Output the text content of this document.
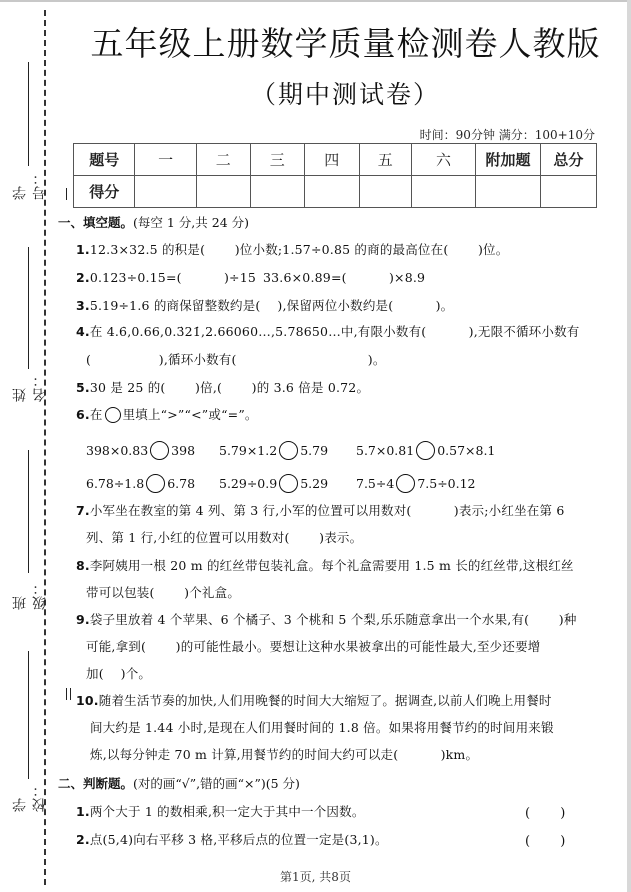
学号：
姓名：
班级：
学校：
五年级上册数学质量检测卷人教版
（期中测试卷）
时间：90分钟 满分：100+10分
题号	一	二	三	四	五	六	附加题	总分
得分								
一、填空题。(每空 1 分,共 24 分)
1.12.3×32.5 的积是(　　 )位小数;1.57÷0.85 的商的最高位在(　　 )位。
2.0.123÷0.15=(　　　 )÷15 33.6×0.89=(　　　 )×8.9
3.5.19÷1.6 的商保留整数约是(　 ),保留两位小数约是(　　　 )。
4.在 4.6̇,0.66,0.3̇21̇,2.66060…,5.78650…中,有限小数有(　　　 ),无限不循环小数有
(　　　　　 ),循环小数有(　　　　　　　　　　 )。
5.30 是 25 的(　　 )倍,(　　 )的 3.6 倍是 0.72。
6.在 里填上“>”“<”或“=”。
398×0.83 398 5.79×1.2 5.79 5.7×0.81 0.57×8.1
6.78÷1.8 6.78 5.29÷0.9 5.29 7.5÷4 7.5÷0.12
7.小军坐在教室的第 4 列、第 3 行,小军的位置可以用数对(　　　 )表示;小红坐在第 6
列、第 1 行,小红的位置可以用数对(　　 )表示。
8.李阿姨用一根 20 m 的红丝带包装礼盒。每个礼盒需要用 1.5 m 长的红丝带,这根红丝
带可以包装(　　 )个礼盒。
9.袋子里放着 4 个苹果、6 个橘子、3 个桃和 5 个梨,乐乐随意拿出一个水果,有(　　 )种
可能,拿到(　　 )的可能性最小。要想让这种水果被拿出的可能性最大,至少还要增
加(　 )个。
10.随着生活节奏的加快,人们用晚餐的时间大大缩短了。据调查,以前人们晚上用餐时
间大约是 1.44 小时,是现在人们用餐时间的 1.8 倍。如果将用餐节约的时间用来锻
炼,以每分钟走 70 m 计算,用餐节约的时间大约可以走(　　　 )km。
二、判断题。(对的画“√”,错的画“×”)(5 分)
1.两个大于 1 的数相乘,积一定大于其中一个因数。	(　　 )
2.点(5,4)向右平移 3 格,平移后点的位置一定是(3,1)。	(　　 )
第1页, 共8页
